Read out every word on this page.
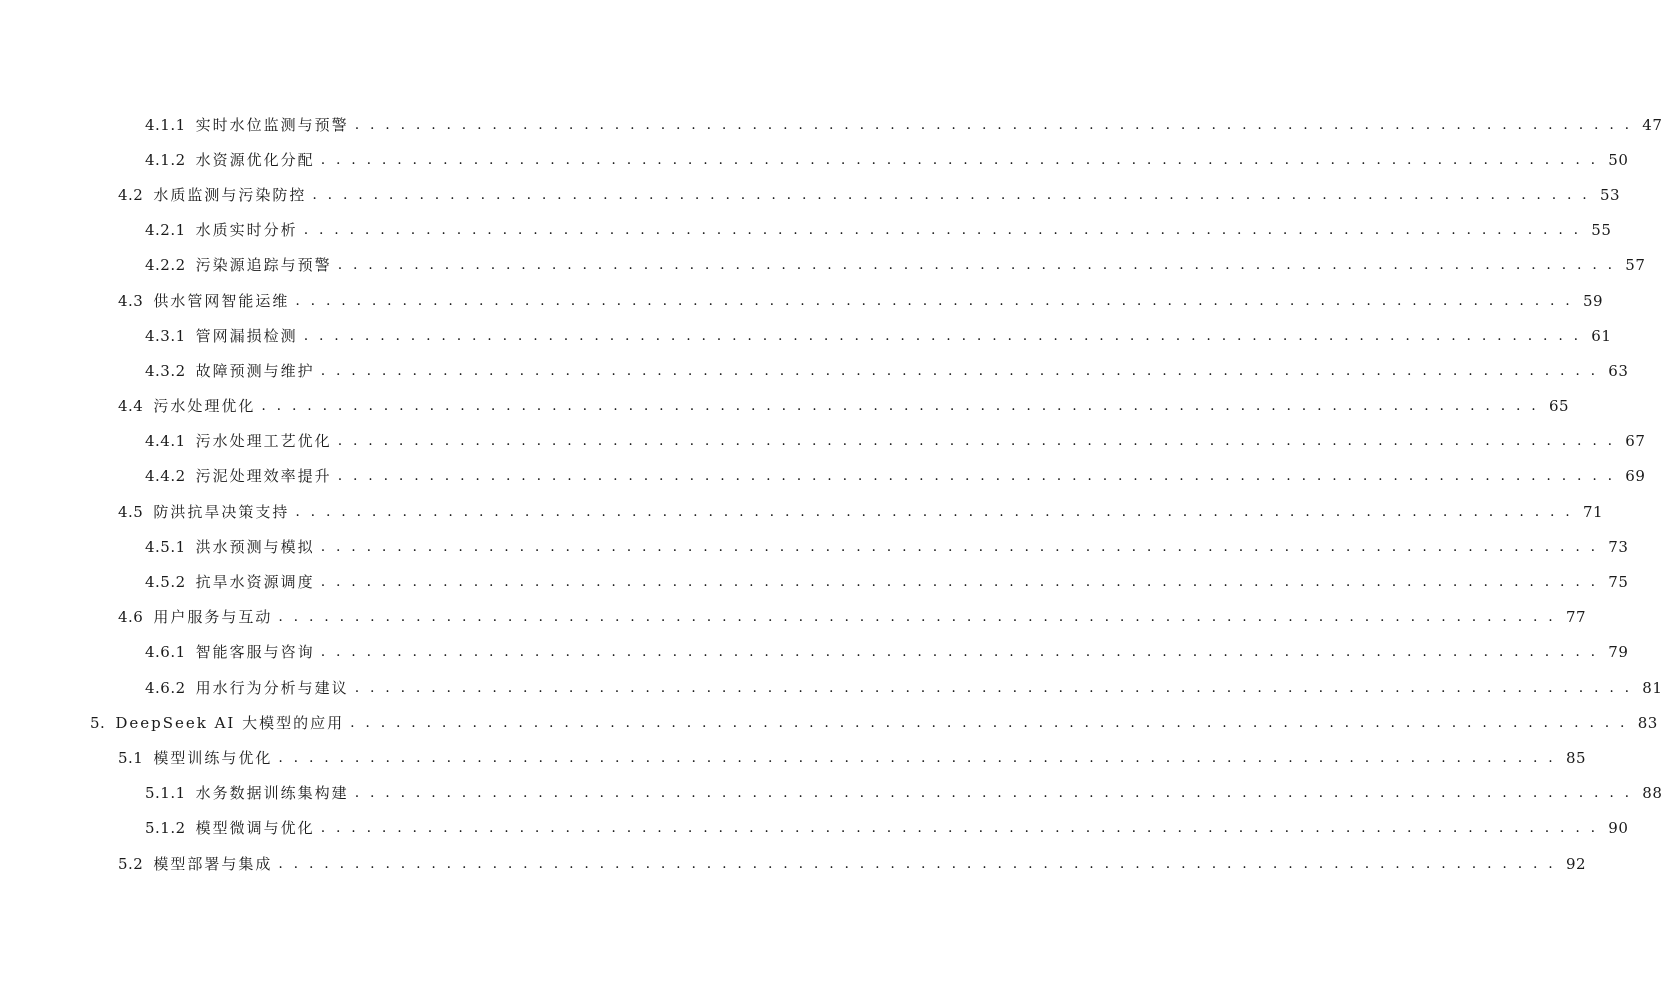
4.1.1 实时水位监测与预警 . . . . . . . . . . . . . . . . . . . . . . . . . . . . . . . . . . . . . . . . . . . . . . . . . . . . . . . . . . . . . . . . . . . . . . . . . . . . . . . . . . . . 47
4.1.2 水资源优化分配 . . . . . . . . . . . . . . . . . . . . . . . . . . . . . . . . . . . . . . . . . . . . . . . . . . . . . . . . . . . . . . . . . . . . . . . . . . . . . . . . . . . . 50
4.2 水质监测与污染防控 . . . . . . . . . . . . . . . . . . . . . . . . . . . . . . . . . . . . . . . . . . . . . . . . . . . . . . . . . . . . . . . . . . . . . . . . . . . . . . . . . . . . 53
4.2.1 水质实时分析 . . . . . . . . . . . . . . . . . . . . . . . . . . . . . . . . . . . . . . . . . . . . . . . . . . . . . . . . . . . . . . . . . . . . . . . . . . . . . . . . . . . . 55
4.2.2 污染源追踪与预警 . . . . . . . . . . . . . . . . . . . . . . . . . . . . . . . . . . . . . . . . . . . . . . . . . . . . . . . . . . . . . . . . . . . . . . . . . . . . . . . . . . . . 57
4.3 供水管网智能运维 . . . . . . . . . . . . . . . . . . . . . . . . . . . . . . . . . . . . . . . . . . . . . . . . . . . . . . . . . . . . . . . . . . . . . . . . . . . . . . . . . . . . 59
4.3.1 管网漏损检测 . . . . . . . . . . . . . . . . . . . . . . . . . . . . . . . . . . . . . . . . . . . . . . . . . . . . . . . . . . . . . . . . . . . . . . . . . . . . . . . . . . . . 61
4.3.2 故障预测与维护 . . . . . . . . . . . . . . . . . . . . . . . . . . . . . . . . . . . . . . . . . . . . . . . . . . . . . . . . . . . . . . . . . . . . . . . . . . . . . . . . . . . . 63
4.4 污水处理优化 . . . . . . . . . . . . . . . . . . . . . . . . . . . . . . . . . . . . . . . . . . . . . . . . . . . . . . . . . . . . . . . . . . . . . . . . . . . . . . . . . . . . 65
4.4.1 污水处理工艺优化 . . . . . . . . . . . . . . . . . . . . . . . . . . . . . . . . . . . . . . . . . . . . . . . . . . . . . . . . . . . . . . . . . . . . . . . . . . . . . . . . . . . . 67
4.4.2 污泥处理效率提升 . . . . . . . . . . . . . . . . . . . . . . . . . . . . . . . . . . . . . . . . . . . . . . . . . . . . . . . . . . . . . . . . . . . . . . . . . . . . . . . . . . . . 69
4.5 防洪抗旱决策支持 . . . . . . . . . . . . . . . . . . . . . . . . . . . . . . . . . . . . . . . . . . . . . . . . . . . . . . . . . . . . . . . . . . . . . . . . . . . . . . . . . . . . 71
4.5.1 洪水预测与模拟 . . . . . . . . . . . . . . . . . . . . . . . . . . . . . . . . . . . . . . . . . . . . . . . . . . . . . . . . . . . . . . . . . . . . . . . . . . . . . . . . . . . . 73
4.5.2 抗旱水资源调度 . . . . . . . . . . . . . . . . . . . . . . . . . . . . . . . . . . . . . . . . . . . . . . . . . . . . . . . . . . . . . . . . . . . . . . . . . . . . . . . . . . . . 75
4.6 用户服务与互动 . . . . . . . . . . . . . . . . . . . . . . . . . . . . . . . . . . . . . . . . . . . . . . . . . . . . . . . . . . . . . . . . . . . . . . . . . . . . . . . . . . . . 77
4.6.1 智能客服与咨询 . . . . . . . . . . . . . . . . . . . . . . . . . . . . . . . . . . . . . . . . . . . . . . . . . . . . . . . . . . . . . . . . . . . . . . . . . . . . . . . . . . . . 79
4.6.2 用水行为分析与建议 . . . . . . . . . . . . . . . . . . . . . . . . . . . . . . . . . . . . . . . . . . . . . . . . . . . . . . . . . . . . . . . . . . . . . . . . . . . . . . . . . . . . 81
5. DeepSeek AI 大模型的应用 . . . . . . . . . . . . . . . . . . . . . . . . . . . . . . . . . . . . . . . . . . . . . . . . . . . . . . . . . . . . . . . . . . . . . . . . . . . . . . . . . . . . 83
5.1 模型训练与优化 . . . . . . . . . . . . . . . . . . . . . . . . . . . . . . . . . . . . . . . . . . . . . . . . . . . . . . . . . . . . . . . . . . . . . . . . . . . . . . . . . . . . 85
5.1.1 水务数据训练集构建 . . . . . . . . . . . . . . . . . . . . . . . . . . . . . . . . . . . . . . . . . . . . . . . . . . . . . . . . . . . . . . . . . . . . . . . . . . . . . . . . . . . . 88
5.1.2 模型微调与优化 . . . . . . . . . . . . . . . . . . . . . . . . . . . . . . . . . . . . . . . . . . . . . . . . . . . . . . . . . . . . . . . . . . . . . . . . . . . . . . . . . . . . 90
5.2 模型部署与集成 . . . . . . . . . . . . . . . . . . . . . . . . . . . . . . . . . . . . . . . . . . . . . . . . . . . . . . . . . . . . . . . . . . . . . . . . . . . . . . . . . . . . 92
